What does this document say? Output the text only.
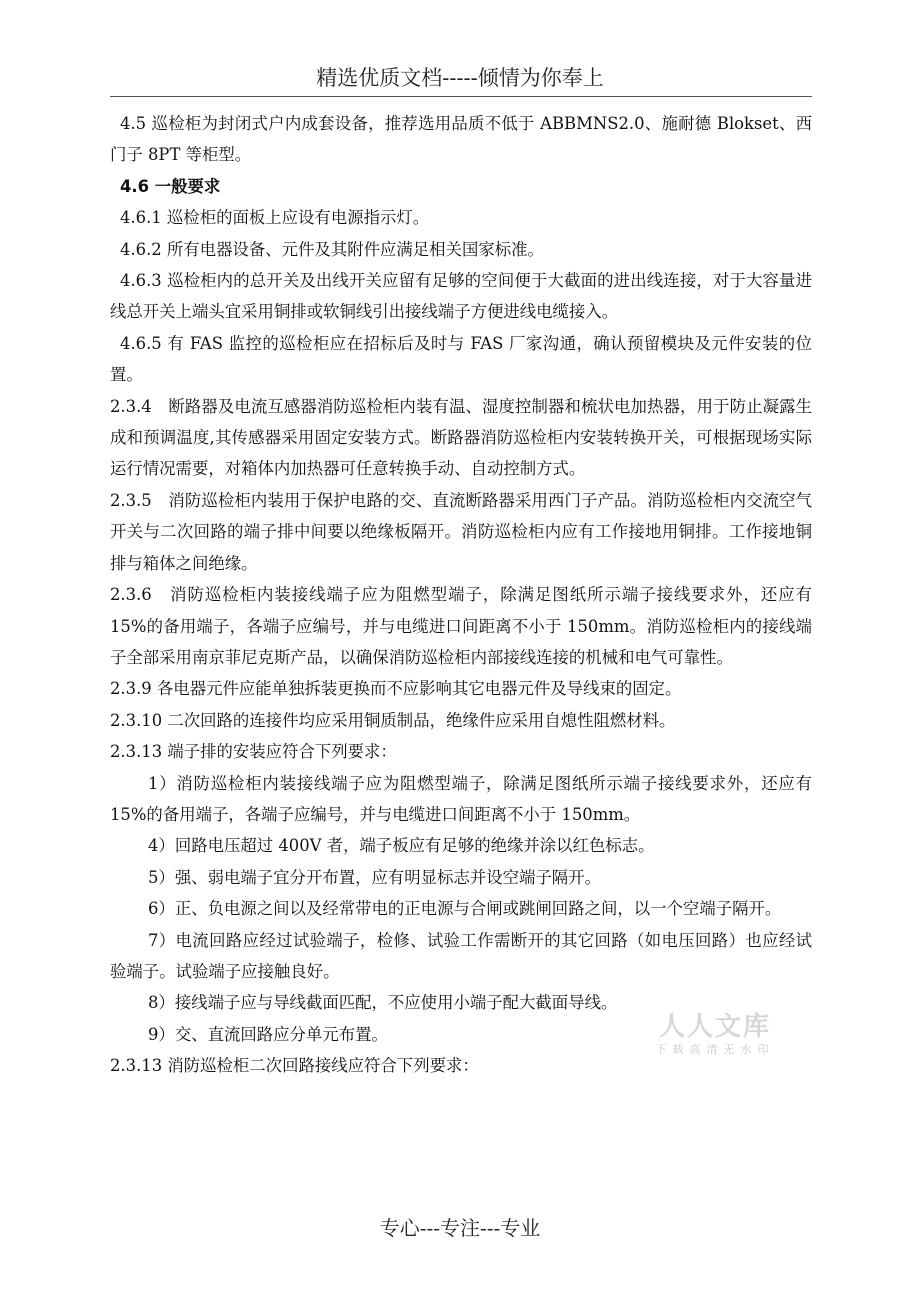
精选优质文档-----倾情为你奉上

4.5 巡检柜为封闭式户内成套设备，推荐选用品质不低于 ABBMNS2.0、施耐德 Blokset、西门子 8PT 等柜型。

4.6 一般要求

4.6.1 巡检柜的面板上应设有电源指示灯。

4.6.2 所有电器设备、元件及其附件应满足相关国家标准。

4.6.3 巡检柜内的总开关及出线开关应留有足够的空间便于大截面的进出线连接，对于大容量进线总开关上端头宜采用铜排或软铜线引出接线端子方便进线电缆接入。

4.6.5 有 FAS 监控的巡检柜应在招标后及时与 FAS 厂家沟通，确认预留模块及元件安装的位置。

2.3.4　断路器及电流互感器消防巡检柜内装有温、湿度控制器和梳状电加热器，用于防止凝露生成和预调温度,其传感器采用固定安装方式。断路器消防巡检柜内安装转换开关，可根据现场实际运行情况需要，对箱体内加热器可任意转换手动、自动控制方式。

2.3.5　消防巡检柜内装用于保护电路的交、直流断路器采用西门子产品。消防巡检柜内交流空气开关与二次回路的端子排中间要以绝缘板隔开。消防巡检柜内应有工作接地用铜排。工作接地铜排与箱体之间绝缘。

2.3.6　消防巡检柜内装接线端子应为阻燃型端子，除满足图纸所示端子接线要求外，还应有 15%的备用端子，各端子应编号，并与电缆进口间距离不小于 150mm。消防巡检柜内的接线端子全部采用南京菲尼克斯产品，以确保消防巡检柜内部接线连接的机械和电气可靠性。

2.3.9 各电器元件应能单独拆装更换而不应影响其它电器元件及导线束的固定。

2.3.10 二次回路的连接件均应采用铜质制品，绝缘件应采用自熄性阻燃材料。

2.3.13 端子排的安装应符合下列要求：

1）消防巡检柜内装接线端子应为阻燃型端子，除满足图纸所示端子接线要求外，还应有 15%的备用端子，各端子应编号，并与电缆进口间距离不小于 150mm。

4）回路电压超过 400V 者，端子板应有足够的绝缘并涂以红色标志。

5）强、弱电端子宜分开布置，应有明显标志并设空端子隔开。

6）正、负电源之间以及经常带电的正电源与合闸或跳闸回路之间，以一个空端子隔开。

7）电流回路应经过试验端子，检修、试验工作需断开的其它回路（如电压回路）也应经试验端子。试验端子应接触良好。

8）接线端子应与导线截面匹配，不应使用小端子配大截面导线。

9）交、直流回路应分单元布置。

2.3.13 消防巡检柜二次回路接线应符合下列要求：

人人文库
下载高清无水印
专心---专注---专业
